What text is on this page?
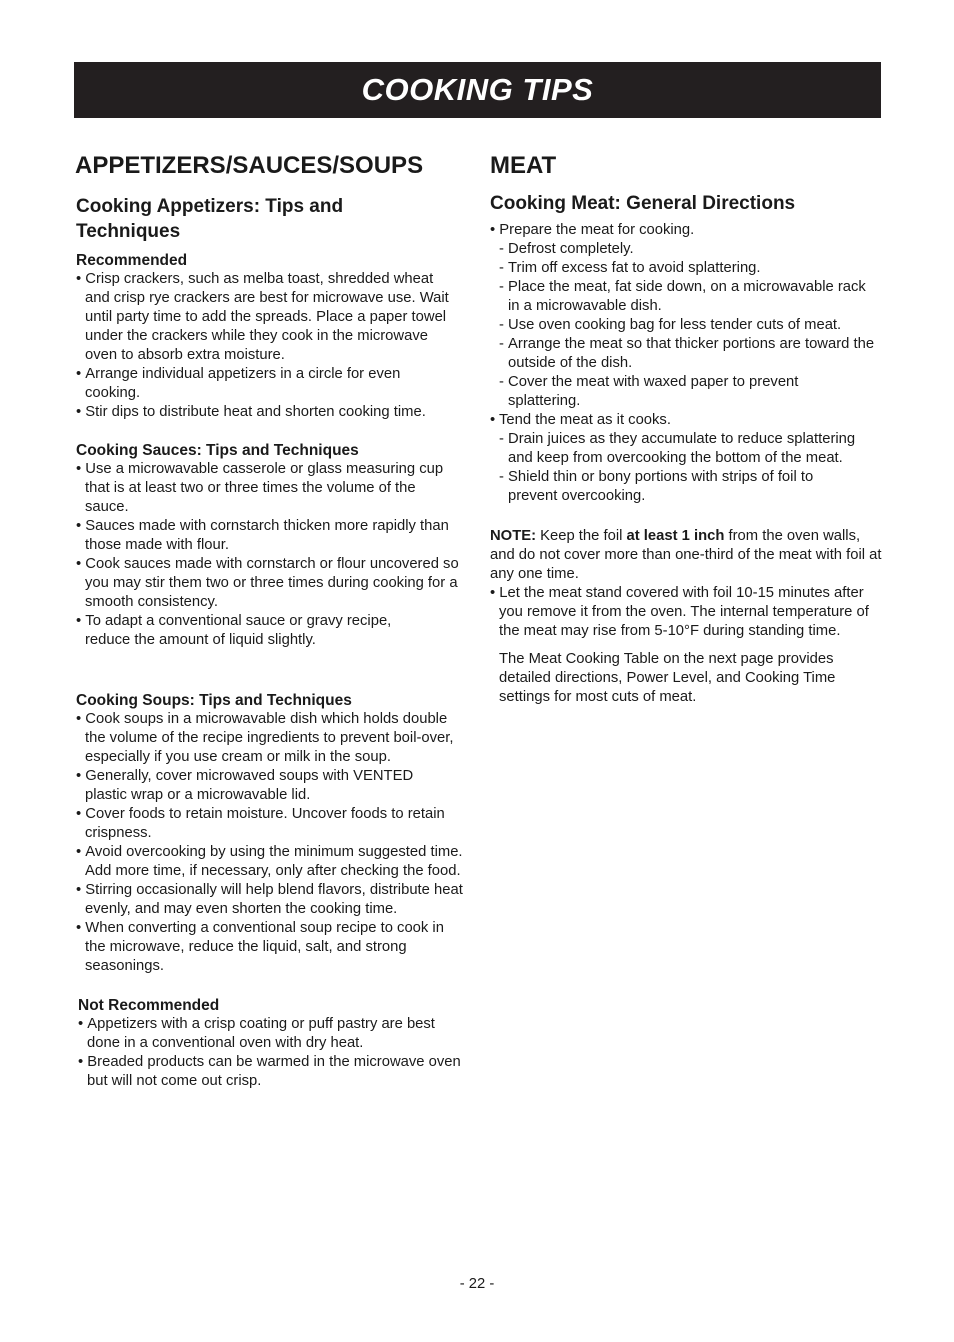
COOKING TIPS
APPETIZERS/SAUCES/SOUPS
Cooking Appetizers: Tips and Techniques
Recommended
• Crisp crackers, such as melba toast, shredded wheat and crisp rye crackers are best for microwave use. Wait until party time to add the spreads. Place a paper towel under the crackers while they cook in the microwave oven to absorb extra moisture.
• Arrange individual appetizers in a circle for even cooking.
• Stir dips to distribute heat and shorten cooking time.
Cooking Sauces: Tips and Techniques
• Use a microwavable casserole or glass measuring cup that is at least two or three times the volume of the sauce.
• Sauces made with cornstarch thicken more rapidly than those made with flour.
• Cook sauces made with cornstarch or flour uncovered so you may stir them two or three times during cooking for a smooth consistency.
• To adapt a conventional sauce or gravy recipe, reduce the amount of liquid slightly.
Cooking Soups: Tips and Techniques
• Cook soups in a microwavable dish which holds double the volume of the recipe ingredients to prevent boil-over, especially if you use cream or milk in the soup.
• Generally, cover microwaved soups with VENTED plastic wrap or a microwavable lid.
• Cover foods to retain moisture. Uncover foods to retain crispness.
• Avoid overcooking by using the minimum suggested time. Add more time, if necessary, only after checking the food.
• Stirring occasionally will help blend flavors, distribute heat evenly, and may even shorten the cooking time.
• When converting a conventional soup recipe to cook in the microwave, reduce the liquid, salt, and strong seasonings.
Not Recommended
• Appetizers with a crisp coating or puff pastry are best done in a conventional oven with dry heat.
• Breaded products can be warmed in the microwave oven but will not come out crisp.
MEAT
Cooking Meat: General Directions
• Prepare the meat for cooking.
- Defrost completely.
- Trim off excess fat to avoid splattering.
- Place the meat, fat side down, on a microwavable rack in a microwavable dish.
- Use oven cooking bag for less tender cuts of meat.
- Arrange the meat so that thicker portions are toward the outside of the dish.
- Cover the meat with waxed paper to prevent splattering.
• Tend the meat as it cooks.
- Drain juices as they accumulate to reduce splattering and keep from overcooking the bottom of the meat.
- Shield thin or bony portions with strips of foil to prevent overcooking.

NOTE: Keep the foil at least 1 inch from the oven walls, and do not cover more than one-third of the meat with foil at any one time.

• Let the meat stand covered with foil 10-15 minutes after you remove it from the oven. The internal temperature of the meat may rise from 5-10°F during standing time.

The Meat Cooking Table on the next page provides detailed directions, Power Level, and Cooking Time settings for most cuts of meat.

- 22 -
